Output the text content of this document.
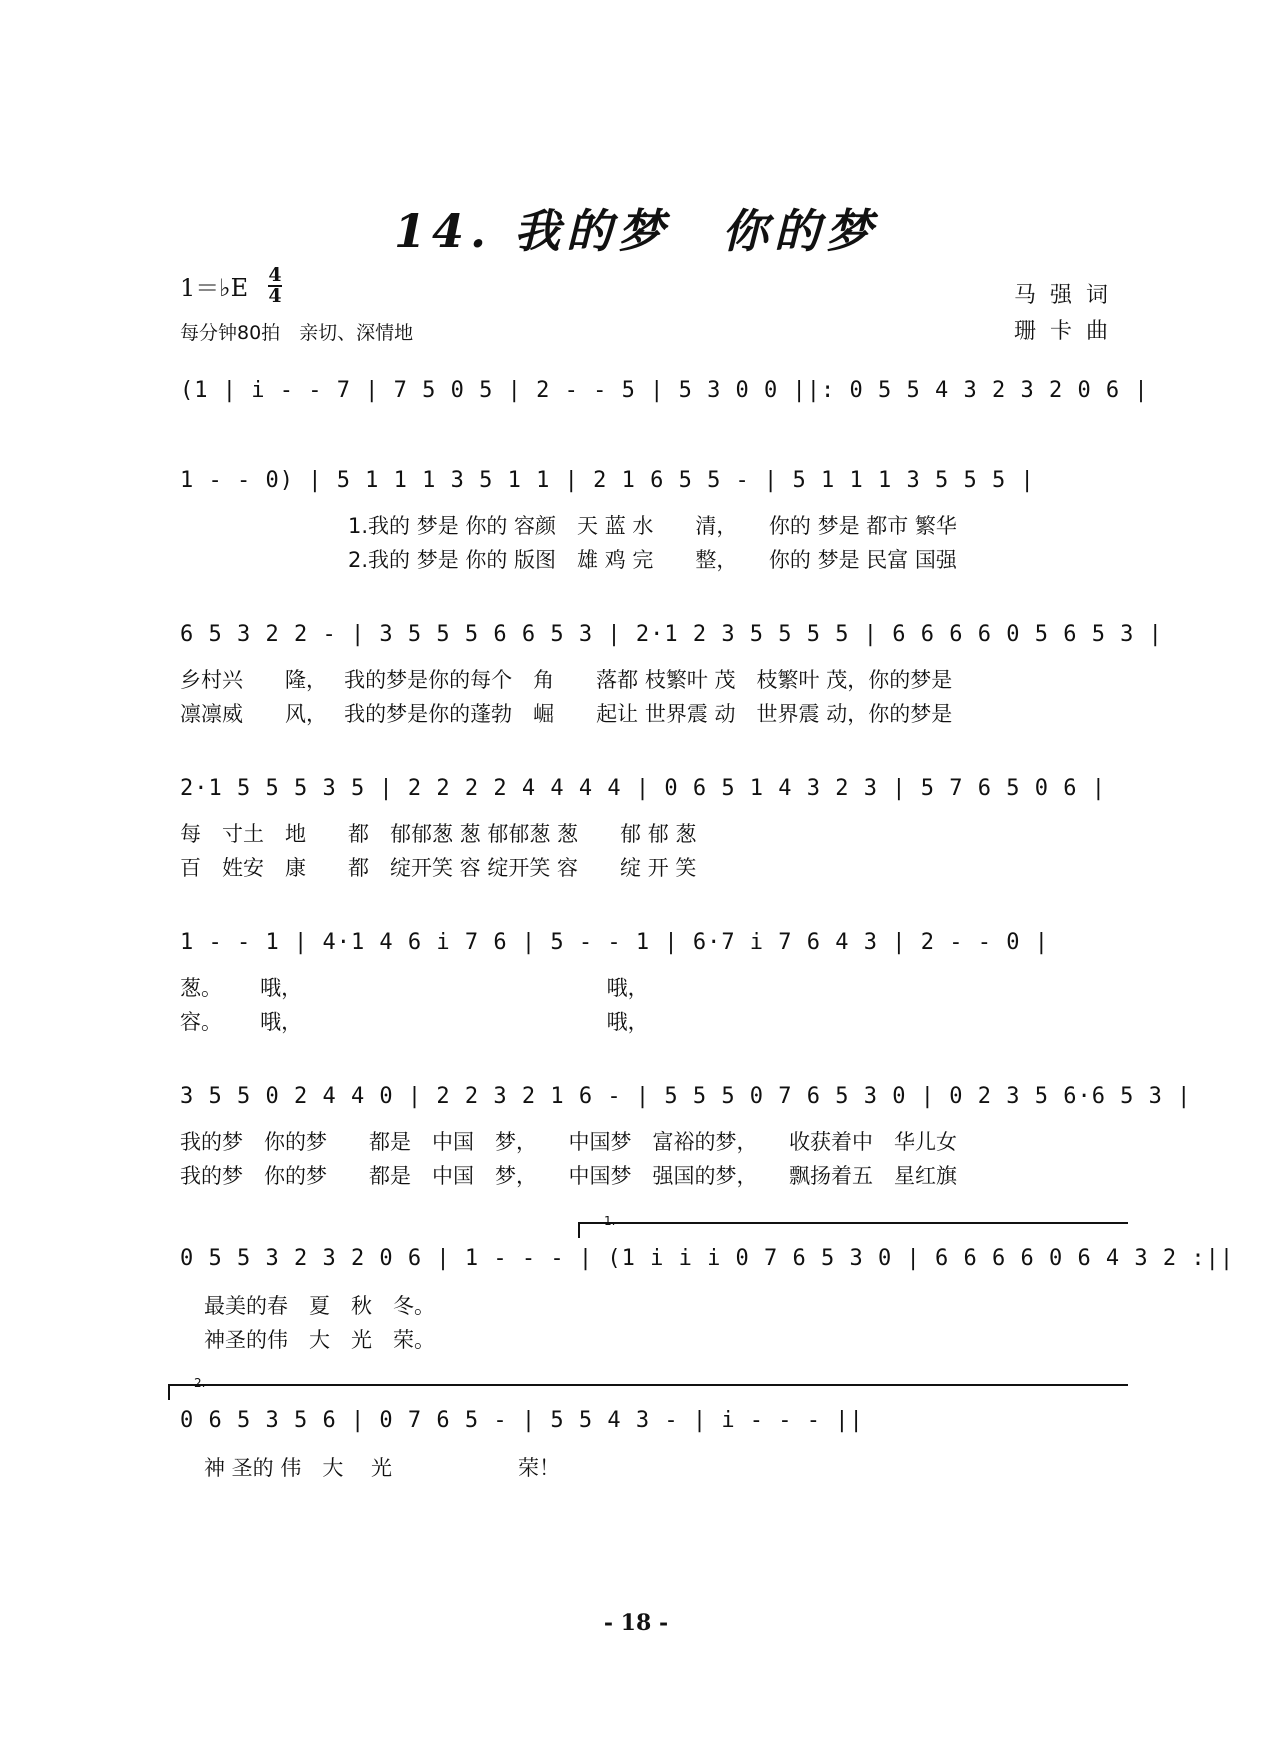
14. 我的梦　你的梦
1＝♭E 4
4
每分钟80拍　亲切、深情地
马强词
珊卡曲
(1 | i - - 7 | 7 5 0 5 | 2 - - 5 | 5 3 0 0 ||: 0 5 5 4 3 2 3 2 0 6 |
1 - - 0) | 5 1 1 1 3 5 1 1 | 2 1 6 5 5 - | 5 1 1 1 3 5 5 5 |
1.我的 梦是 你的 容颜　天 蓝 水　　清，　　你的 梦是 都市 繁华
2.我的 梦是 你的 版图　雄 鸡 完　　整，　　你的 梦是 民富 国强
6 5 3 2 2 - | 3 5 5 5 6 6 5 3 | 2·1 2 3 5 5 5 5 | 6 6 6 6 0 5 6 5 3 |
乡村兴　　隆，　 我的梦是你的每个　角　　落都 枝繁叶 茂　枝繁叶 茂，你的梦是
凛凛威　　风，　 我的梦是你的蓬勃　崛　　起让 世界震 动　世界震 动，你的梦是
2·1 5 5 5 3 5 | 2 2 2 2 4 4 4 4 | 0 6 5 1 4 3 2 3 | 5 7 6 5 0 6 |
每　寸土　地　　都　郁郁葱 葱 郁郁葱 葱　　郁 郁 葱
百　姓安　康　　都　绽开笑 容 绽开笑 容　　绽 开 笑
1 - - 1 | 4·1 4 6 i 7 6 | 5 - - 1 | 6·7 i 7 6 4 3 | 2 - - 0 |
葱。　　 哦，　　　　　　　　　　　　　　　哦，
容。　　 哦，　　　　　　　　　　　　　　　哦，
3 5 5 0 2 4 4 0 | 2 2 3 2 1 6 - | 5 5 5 0 7 6 5 3 0 | 0 2 3 5 6·6 5 3 |
我的梦　你的梦　　都是　中国　梦，　　中国梦　富裕的梦，　　收获着中　华儿女
我的梦　你的梦　　都是　中国　梦，　　中国梦　强国的梦，　　飘扬着五　星红旗
1.
0 5 5 3 2 3 2 0 6 | 1 - - - | (1 i i i 0 7 6 5 3 0 | 6 6 6 6 0 6 4 3 2 :||
最美的春　夏　秋　冬。
神圣的伟　大　光　荣。
2.
0 6 5 3 5 6 | 0 7 6 5 - | 5 5 4 3 - | i - - - ||
神 圣的 伟　大　 光　　　　　　荣！
- 18 -
